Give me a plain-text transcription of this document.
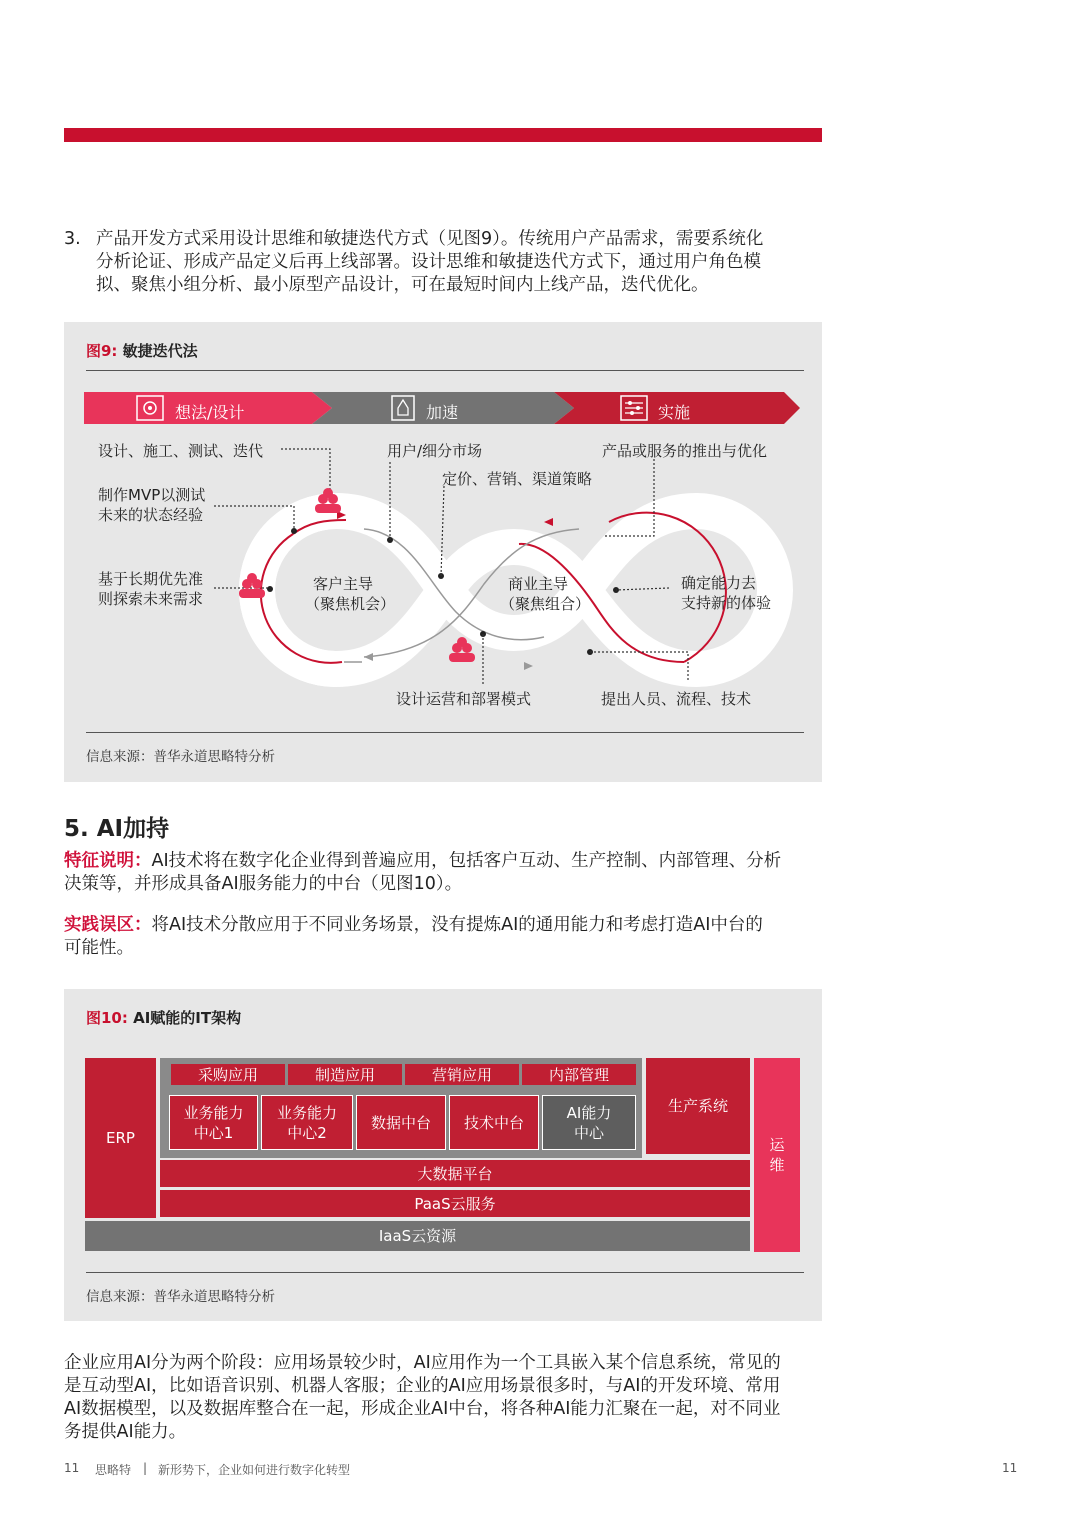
3. 产品开发方式采用设计思维和敏捷迭代方式（见图9）。传统用户产品需求，需要系统化

分析论证、形成产品定义后再上线部署。设计思维和敏捷迭代方式下，通过用户角色模

拟、聚焦小组分析、最小原型产品设计，可在最短时间内上线产品，迭代优化。

图9: 敏捷迭代法
想法/设计	加速	实施
设计、施工、测试、迭代
制作MVP以测试
未来的状态经验
基于长期优先准
则探索未来需求
用户/细分市场
定价、营销、渠道策略
产品或服务的推出与优化
确定能力去
支持新的体验
设计运营和部署模式	提出人员、流程、技术
客户主导
（聚焦机会）
商业主导
（聚焦组合）
信息来源：普华永道思略特分析
5. AI加持

特征说明：AI技术将在数字化企业得到普遍应用，包括客户互动、生产控制、内部管理、分析

决策等，并形成具备AI服务能力的中台（见图10）。

实践误区：将AI技术分散应用于不同业务场景，没有提炼AI的通用能力和考虑打造AI中台的

可能性。

图10: AI赋能的IT架构
ERP
采购应用	制造应用	营销应用	内部管理
业务能力
中心1
业务能力
中心2
数据中台	技术中台
AI能力
中心
生产系统
运
维
大数据平台
PaaS云服务
IaaS云资源
信息来源：普华永道思略特分析

企业应用AI分为两个阶段：应用场景较少时，AI应用作为一个工具嵌入某个信息系统，常见的

是互动型AI，比如语音识别、机器人客服；企业的AI应用场景很多时，与AI的开发环境、常用

AI数据模型，以及数据库整合在一起，形成企业AI中台，将各种AI能力汇聚在一起，对不同业

务提供AI能力。

11 思略特 | 新形势下，企业如何进行数字化转型	11
